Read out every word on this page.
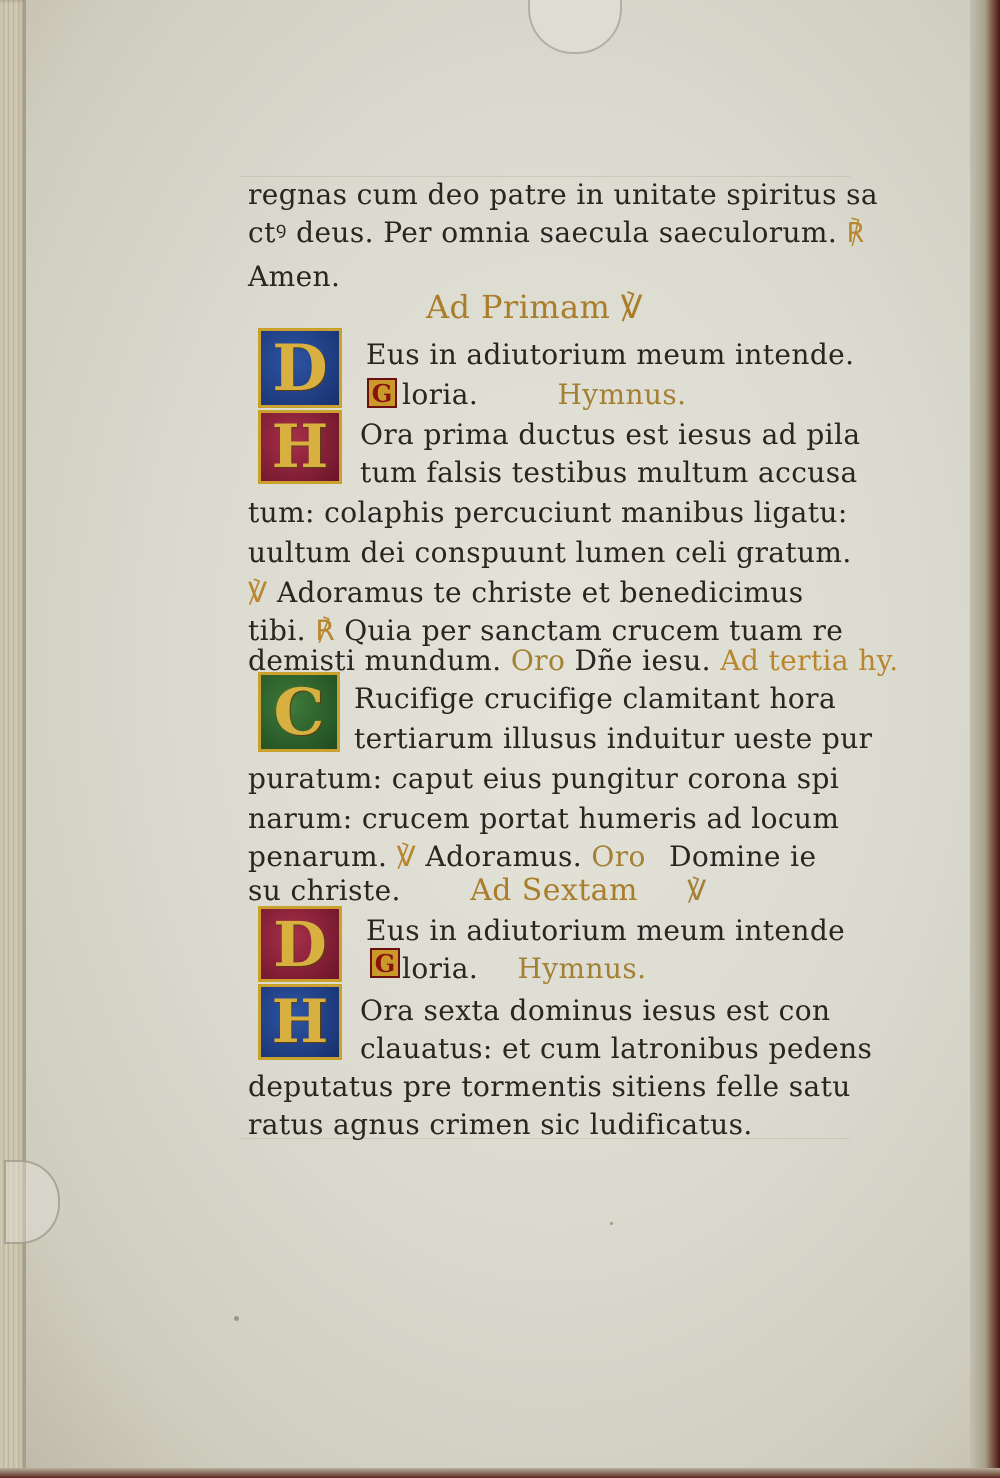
D
H
C
D
H
G
G
regnas cum deo patre in unitate spiritus sa
ctꝰ deus. Per omnia saecula saeculorum. ℟
Amen.
Ad Primam ℣
Eus in adiutorium meum intende.
loria.	Hymnus.
Ora prima ductus est iesus ad pila
tum falsis testibus multum accusa
tum: colaphis percuciunt manibus ligatu:
uultum dei conspuunt lumen celi gratum.
℣ Adoramus te christe et benedicimus
tibi. ℟ Quia per sanctam crucem tuam re
demisti mundum. Oro Dñe iesu. Ad tertia hy.
Rucifige crucifige clamitant hora
tertiarum illusus induitur ueste pur
puratum: caput eius pungitur corona spi
narum: crucem portat humeris ad locum
penarum. ℣ Adoramus. Oro Domine ie
su christe. Ad Sextam ℣
Eus in adiutorium meum intende
loria. Hymnus.
Ora sexta dominus iesus est con
clauatus: et cum latronibus pedens
deputatus pre tormentis sitiens felle satu
ratus agnus crimen sic ludificatus.
